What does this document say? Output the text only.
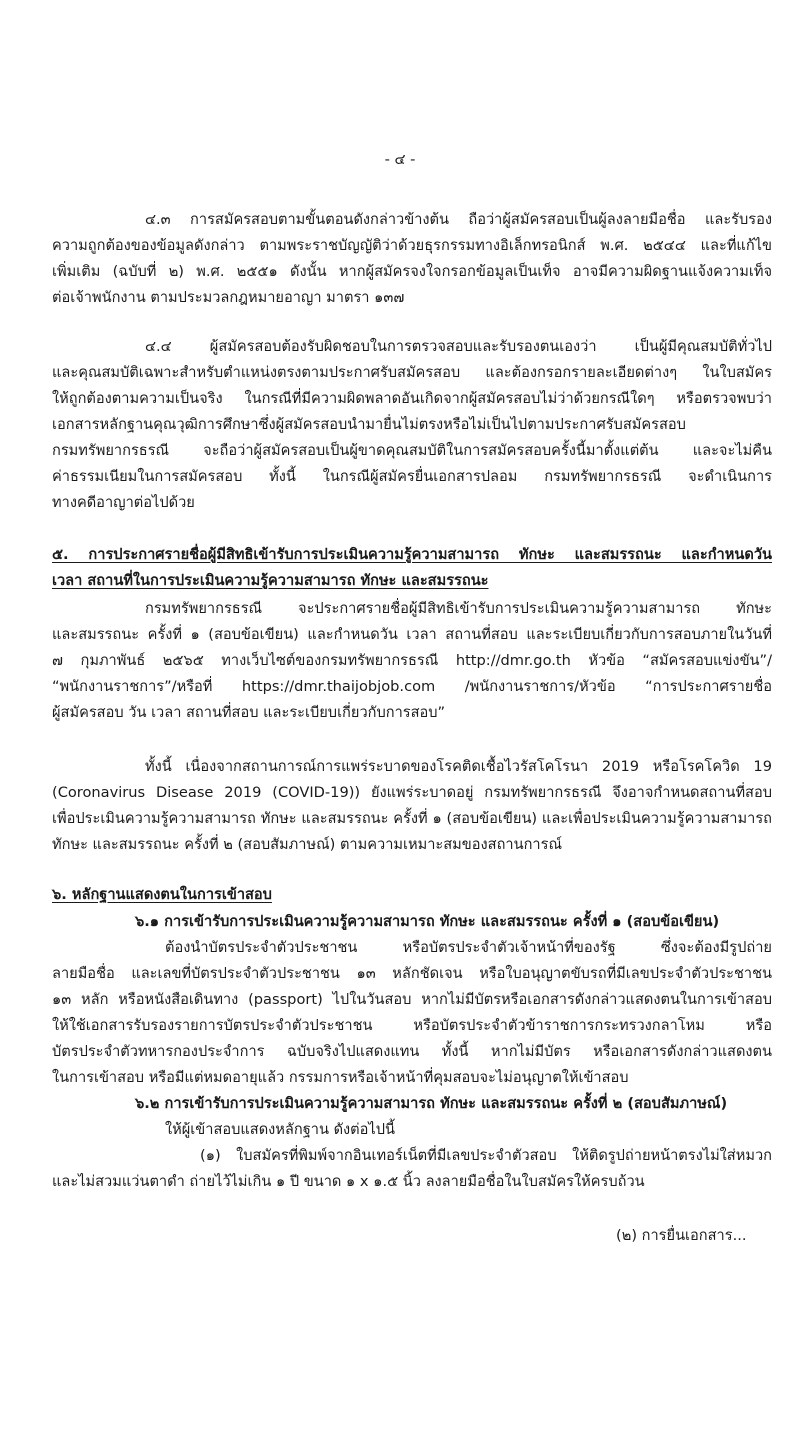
- ๔ -
๔.๓ การสมัครสอบตามขั้นตอนดังกล่าวข้างต้น ถือว่าผู้สมัครสอบเป็นผู้ลงลายมือชื่อ และรับรอง
ความถูกต้องของข้อมูลดังกล่าว ตามพระราชบัญญัติว่าด้วยธุรกรรมทางอิเล็กทรอนิกส์ พ.ศ. ๒๕๔๔ และที่แก้ไข
เพิ่มเติม (ฉบับที่ ๒) พ.ศ. ๒๕๕๑ ดังนั้น หากผู้สมัครจงใจกรอกข้อมูลเป็นเท็จ อาจมีความผิดฐานแจ้งความเท็จ
ต่อเจ้าพนักงาน ตามประมวลกฎหมายอาญา มาตรา ๑๓๗
๔.๔ ผู้สมัครสอบต้องรับผิดชอบในการตรวจสอบและรับรองตนเองว่า เป็นผู้มีคุณสมบัติทั่วไป
และคุณสมบัติเฉพาะสำหรับตำแหน่งตรงตามประกาศรับสมัครสอบ และต้องกรอกรายละเอียดต่างๆ ในใบสมัคร
ให้ถูกต้องตามความเป็นจริง ในกรณีที่มีความผิดพลาดอันเกิดจากผู้สมัครสอบไม่ว่าด้วยกรณีใดๆ หรือตรวจพบว่า
เอกสารหลักฐานคุณวุฒิการศึกษาซึ่งผู้สมัครสอบนำมายื่นไม่ตรงหรือไม่เป็นไปตามประกาศรับสมัครสอบ
กรมทรัพยากรธรณี จะถือว่าผู้สมัครสอบเป็นผู้ขาดคุณสมบัติในการสมัครสอบครั้งนี้มาตั้งแต่ต้น และจะไม่คืน
ค่าธรรมเนียมในการสมัครสอบ ทั้งนี้ ในกรณีผู้สมัครยื่นเอกสารปลอม กรมทรัพยากรธรณี จะดำเนินการ
ทางคดีอาญาต่อไปด้วย
๕. การประกาศรายชื่อผู้มีสิทธิเข้ารับการประเมินความรู้ความสามารถ ทักษะ และสมรรถนะ และกำหนดวัน
เวลา สถานที่ในการประเมินความรู้ความสามารถ ทักษะ และสมรรถนะ
กรมทรัพยากรธรณี จะประกาศรายชื่อผู้มีสิทธิเข้ารับการประเมินความรู้ความสามารถ ทักษะ
และสมรรถนะ ครั้งที่ ๑ (สอบข้อเขียน) และกำหนดวัน เวลา สถานที่สอบ และระเบียบเกี่ยวกับการสอบภายในวันที่
๗ กุมภาพันธ์ ๒๕๖๕ ทางเว็บไซต์ของกรมทรัพยากรธรณี http://dmr.go.th หัวข้อ “สมัครสอบแข่งขัน”/
“พนักงานราชการ”/หรือที่ https://dmr.thaijobjob.com /พนักงานราชการ/หัวข้อ “การประกาศรายชื่อ
ผู้สมัครสอบ วัน เวลา สถานที่สอบ และระเบียบเกี่ยวกับการสอบ”
ทั้งนี้ เนื่องจากสถานการณ์การแพร่ระบาดของโรคติดเชื้อไวรัสโคโรนา 2019 หรือโรคโควิด 19
(Coronavirus Disease 2019 (COVID-19)) ยังแพร่ระบาดอยู่ กรมทรัพยากรธรณี จึงอาจกำหนดสถานที่สอบ
เพื่อประเมินความรู้ความสามารถ ทักษะ และสมรรถนะ ครั้งที่ ๑ (สอบข้อเขียน) และเพื่อประเมินความรู้ความสามารถ
ทักษะ และสมรรถนะ ครั้งที่ ๒ (สอบสัมภาษณ์) ตามความเหมาะสมของสถานการณ์
๖. หลักฐานแสดงตนในการเข้าสอบ
๖.๑ การเข้ารับการประเมินความรู้ความสามารถ ทักษะ และสมรรถนะ ครั้งที่ ๑ (สอบข้อเขียน)
ต้องนำบัตรประจำตัวประชาชน หรือบัตรประจำตัวเจ้าหน้าที่ของรัฐ ซึ่งจะต้องมีรูปถ่าย
ลายมือชื่อ และเลขที่บัตรประจำตัวประชาชน ๑๓ หลักชัดเจน หรือใบอนุญาตขับรถที่มีเลขประจำตัวประชาชน
๑๓ หลัก หรือหนังสือเดินทาง (passport) ไปในวันสอบ หากไม่มีบัตรหรือเอกสารดังกล่าวแสดงตนในการเข้าสอบ
ให้ใช้เอกสารรับรองรายการบัตรประจำตัวประชาชน หรือบัตรประจำตัวข้าราชการกระทรวงกลาโหม หรือ
บัตรประจำตัวทหารกองประจำการ ฉบับจริงไปแสดงแทน ทั้งนี้ หากไม่มีบัตร หรือเอกสารดังกล่าวแสดงตน
ในการเข้าสอบ หรือมีแต่หมดอายุแล้ว กรรมการหรือเจ้าหน้าที่คุมสอบจะไม่อนุญาตให้เข้าสอบ
๖.๒ การเข้ารับการประเมินความรู้ความสามารถ ทักษะ และสมรรถนะ ครั้งที่ ๒ (สอบสัมภาษณ์)
ให้ผู้เข้าสอบแสดงหลักฐาน ดังต่อไปนี้
(๑) ใบสมัครที่พิมพ์จากอินเทอร์เน็ตที่มีเลขประจำตัวสอบ ให้ติดรูปถ่ายหน้าตรงไม่ใส่หมวก
และไม่สวมแว่นตาดำ ถ่ายไว้ไม่เกิน ๑ ปี ขนาด ๑ x ๑.๕ นิ้ว ลงลายมือชื่อในใบสมัครให้ครบถ้วน
(๒) การยื่นเอกสาร...
